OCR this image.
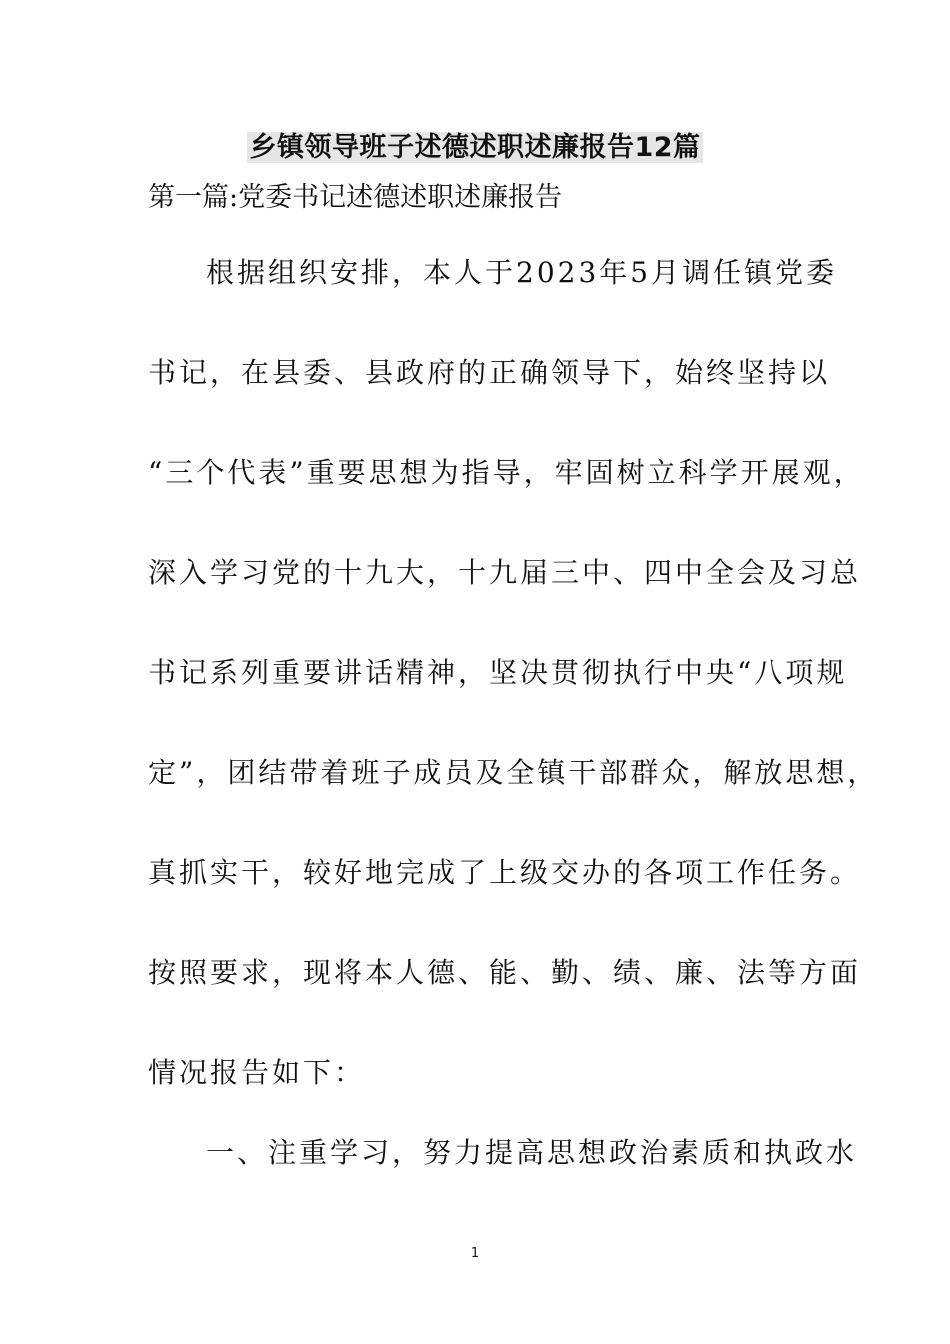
乡镇领导班子述德述职述廉报告12篇

第一篇:党委书记述德述职述廉报告

根据组织安排，本人于2023年5月调任镇党委

书记，在县委、县政府的正确领导下，始终坚持以

“三个代表”重要思想为指导，牢固树立科学开展观，

深入学习党的十九大，十九届三中、四中全会及习总

书记系列重要讲话精神，坚决贯彻执行中央“八项规

定”，团结带着班子成员及全镇干部群众，解放思想，

真抓实干，较好地完成了上级交办的各项工作任务。

按照要求，现将本人德、能、勤、绩、廉、法等方面

情况报告如下：

一、注重学习，努力提高思想政治素质和执政水

1
